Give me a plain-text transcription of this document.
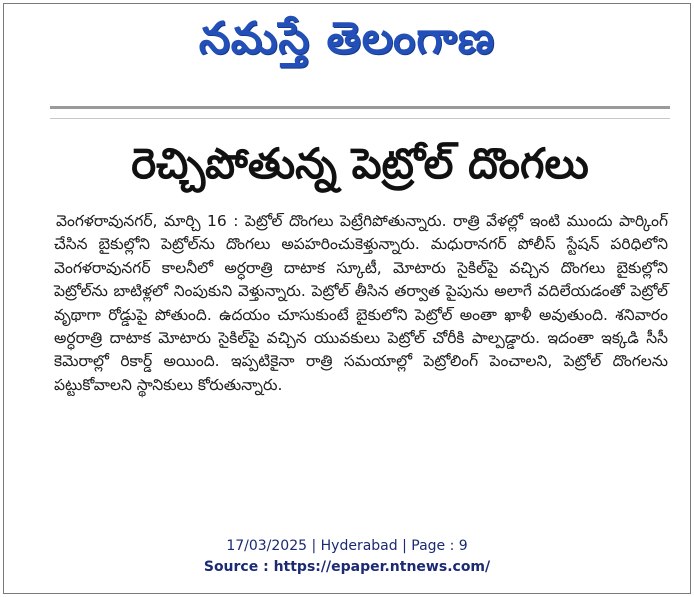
నమస్తే తెలంగాణ
రెచ్చిపోతున్న పెట్రోల్ దొంగలు
వెంగళరావునగర్, మార్చి 16 : పెట్రోల్ దొంగలు పెట్రేగిపోతున్నారు. రాత్రి వేళల్లో ఇంటి ముందు పార్కింగ్ చేసిన బైకుల్లోని పెట్రోల్‌ను దొంగలు అపహరించుకెళ్తున్నారు. మధురానగర్ పోలీస్ స్టేషన్ పరిధిలోని వెంగళరావునగర్ కాలనీలో అర్ధరాత్రి దాటాక స్కూటీ, మోటారు సైకిల్‌పై వచ్చిన దొంగలు బైకుల్లోని పెట్రోల్‌ను బాటిళ్లలో నింపుకుని వెళ్తున్నారు. పెట్రోల్ తీసిన తర్వాత పైపును అలాగే వదిలేయడంతో పెట్రోల్ వృథాగా రోడ్డుపై పోతుంది. ఉదయం చూసుకుంటే బైకులోని పెట్రోల్ అంతా ఖాళీ అవుతుంది. శనివారం అర్ధరాత్రి దాటాక మోటారు సైకిల్‌పై వచ్చిన యువకులు పెట్రోల్ చోరీకి పాల్పడ్డారు. ఇదంతా ఇక్కడి సీసీ కెమెరాల్లో రికార్డ్ అయింది. ఇప్పటికైనా రాత్రి సమయాల్లో పెట్రోలింగ్ పెంచాలని, పెట్రోల్ దొంగలను పట్టుకోవాలని స్థానికులు కోరుతున్నారు.
17/03/2025 | Hyderabad | Page : 9
Source : https://epaper.ntnews.com/
